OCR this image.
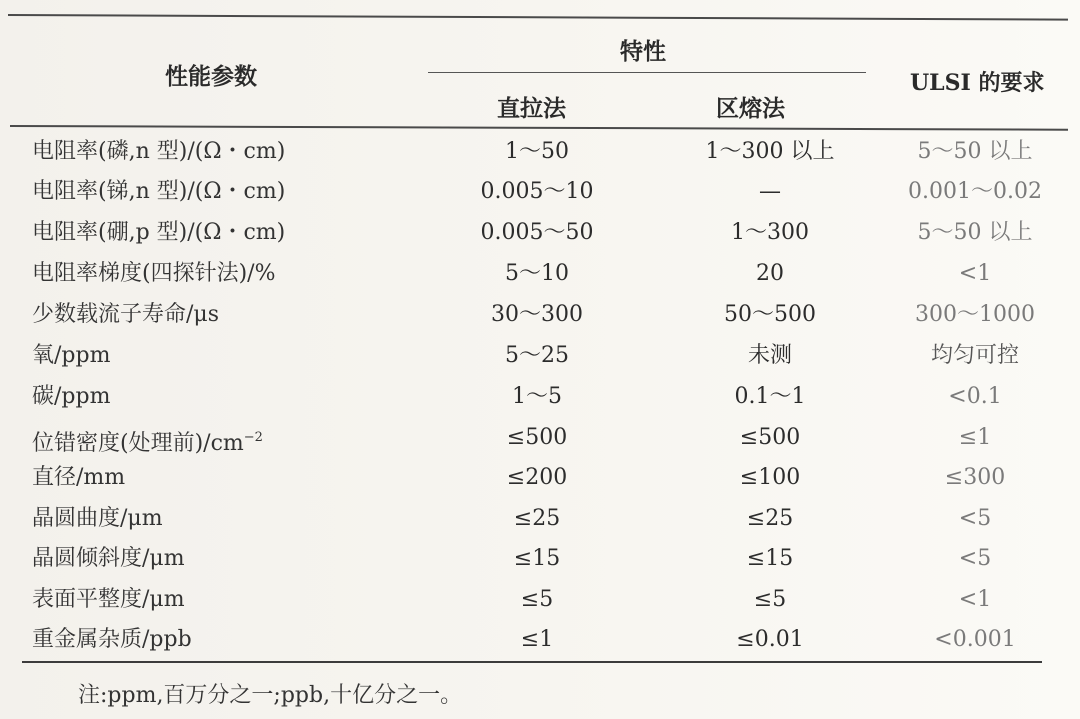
性能参数
特性
直拉法	区熔法
ULSI 的要求
电阻率(磷,n 型)/(Ω・cm)	1～50	1～300 以上	5～50 以上
电阻率(锑,n 型)/(Ω・cm)	0.005～10	—	0.001～0.02
电阻率(硼,p 型)/(Ω・cm)	0.005～50	1～300	5～50 以上
电阻率梯度(四探针法)/%	5～10	20	<1
少数载流子寿命/μs	30～300	50～500	300～1000
氧/ppm	5～25	未测	均匀可控
碳/ppm	1～5	0.1～1	<0.1
位错密度(处理前)$/cm^{-2}$	≤500	≤500	≤1
直径/mm	≤200	≤100	≤300
晶圆曲度/μm	≤25	≤25	<5
晶圆倾斜度/μm	≤15	≤15	<5
表面平整度/μm	≤5	≤5	<1
重金属杂质/ppb	≤1	≤0.01	<0.001
注:ppm,百万分之一;ppb,十亿分之一。
